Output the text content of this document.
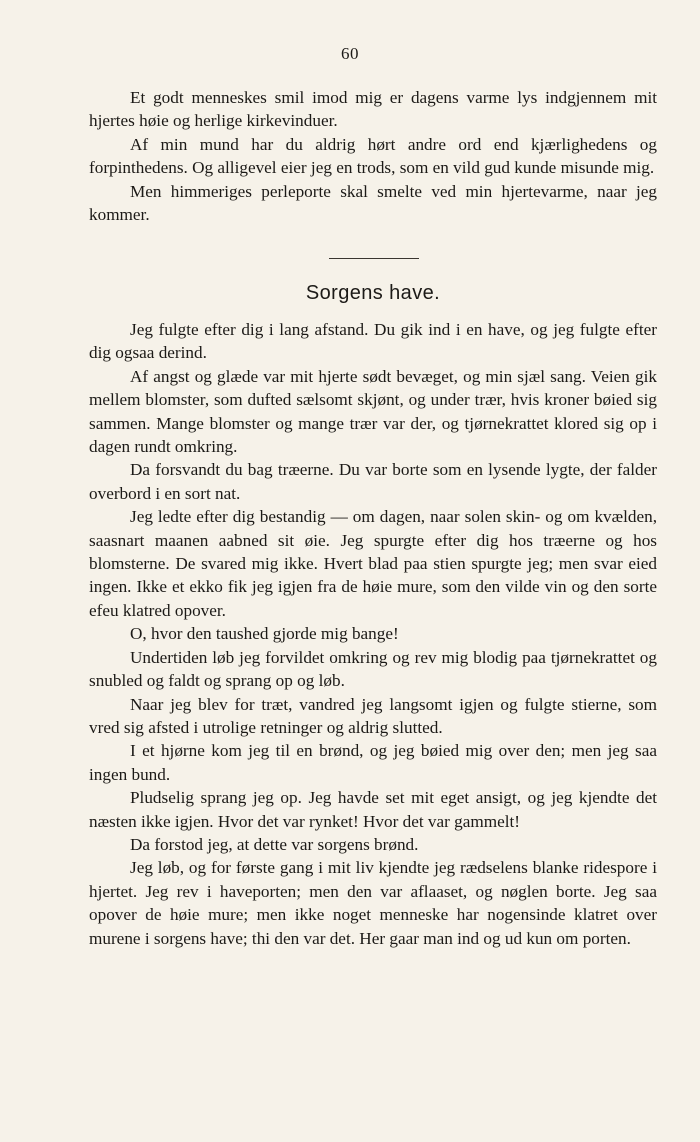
60

Et godt menneskes smil imod mig er dagens varme lys indgjennem mit hjertes høie og herlige kirkevinduer.

Af min mund har du aldrig hørt andre ord end kjærlighedens og forpinthedens. Og alligevel eier jeg en trods, som en vild gud kunde misunde mig.

Men himmeriges perleporte skal smelte ved min hjertevarme, naar jeg kommer.

Sorgens have.

Jeg fulgte efter dig i lang afstand. Du gik ind i en have, og jeg fulgte efter dig ogsaa derind.

Af angst og glæde var mit hjerte sødt bevæget, og min sjæl sang. Veien gik mellem blomster, som dufted sælsomt skjønt, og under trær, hvis kroner bøied sig sammen. Mange blomster og mange trær var der, og tjørnekrattet klored sig op i dagen rundt omkring.

Da forsvandt du bag træerne. Du var borte som en lysende lygte, der falder overbord i en sort nat.

Jeg ledte efter dig bestandig — om dagen, naar solen skin- og om kvælden, saasnart maanen aabned sit øie. Jeg spurgte efter dig hos træerne og hos blomsterne. De svared mig ikke. Hvert blad paa stien spurgte jeg; men svar eied ingen. Ikke et ekko fik jeg igjen fra de høie mure, som den vilde vin og den sorte efeu klatred opover.

O, hvor den taushed gjorde mig bange!

Undertiden løb jeg forvildet omkring og rev mig blodig paa tjørnekrattet og snubled og faldt og sprang op og løb.

Naar jeg blev for træt, vandred jeg langsomt igjen og fulgte stierne, som vred sig afsted i utrolige retninger og aldrig slutted.

I et hjørne kom jeg til en brønd, og jeg bøied mig over den; men jeg saa ingen bund.

Pludselig sprang jeg op. Jeg havde set mit eget ansigt, og jeg kjendte det næsten ikke igjen. Hvor det var rynket! Hvor det var gammelt!

Da forstod jeg, at dette var sorgens brønd.

Jeg løb, og for første gang i mit liv kjendte jeg rædselens blanke ridespore i hjertet. Jeg rev i haveporten; men den var aflaaset, og nøglen borte. Jeg saa opover de høie mure; men ikke noget menneske har nogensinde klatret over murene i sorgens have; thi den var det. Her gaar man ind og ud kun om porten.
